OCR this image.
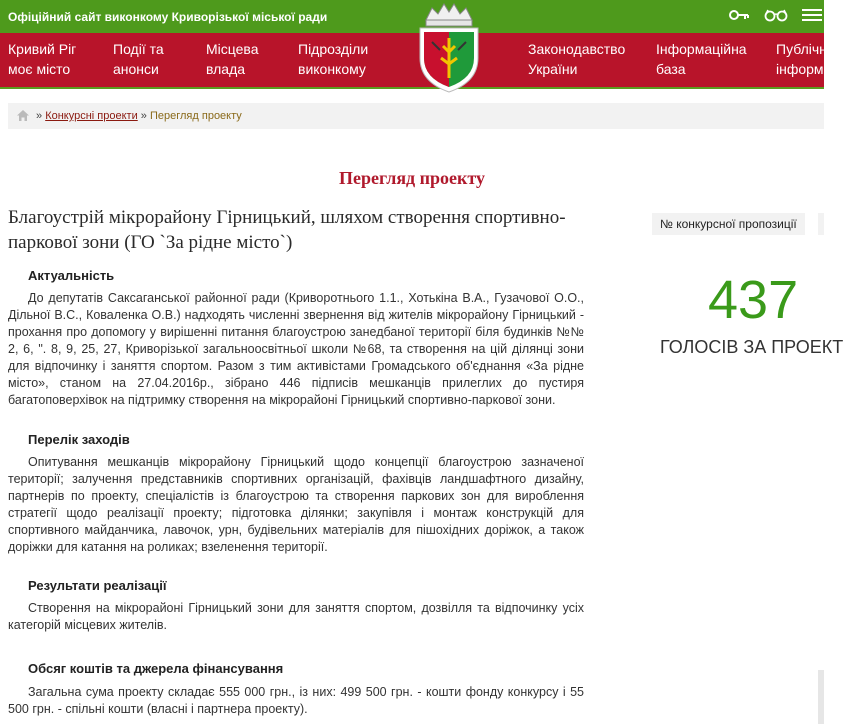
Офіційний сайт виконкому Криворізької міської ради
Кривий Ріг
моє місто
Події та
анонси
Місцева
влада
Підрозділи
виконкому
Законодавство
України
Інформаційна
база
Публічн
інформа
» Конкурсні проекти » Перегляд проекту
Перегляд проекту
Благоустрій мікрорайону Гірницький, шляхом створення спортивно-паркової зони (ГО `За рідне місто`)
Актуальність
До депутатів Саксаганської районної ради (Криворотнього 1.1., Хотькіна В.А., Гузачової О.О., Дільної В.С., Коваленка О.В.) надходять численні звернення від жителів мікрорайону Гірницький - прохання про допомогу у вирішенні питання благоустрою занедбаної території біля будинків №№ 2, 6, ". 8, 9, 25, 27, Криворізької загальноосвітньої школи №68, та створення на цій ділянці зони для відпочинку і заняття спортом. Разом з тим активістами Громадського об'єднання «За рідне місто», станом на 27.04.2016р., зібрано 446 підписів мешканців прилеглих до пустиря багатоповерхівок на підтримку створення на мікрорайоні Гірницький спортивно-паркової зони.
Перелік заходів
Опитування мешканців мікрорайону Гірницький щодо концепції благоустрою зазначеної території; залучення представників спортивних організацій, фахівців ландшафтного дизайну, партнерів по проекту, спеціалістів із благоустрою та створення паркових зон для вироблення стратегії щодо реалізації проекту; підготовка ділянки; закупівля і монтаж конструкцій для спортивного майданчика, лавочок, урн, будівельних матеріалів для пішохідних доріжок, а також доріжки для катання на роликах; взеленення території.
Результати реалізації
Створення на мікрорайоні Гірницький зони для заняття спортом, дозвілля та відпочинку усіх категорій місцевих жителів.
Обсяг коштів та джерела фінансування
Загальна сума проекту складає 555 000 грн., із них: 499 500 грн. - кошти фонду конкурсу і 55 500 грн. - спільні кошти (власні і партнера проекту).
№ конкурсної пропозиції
437
ГОЛОСІВ ЗА ПРОЕКТ
